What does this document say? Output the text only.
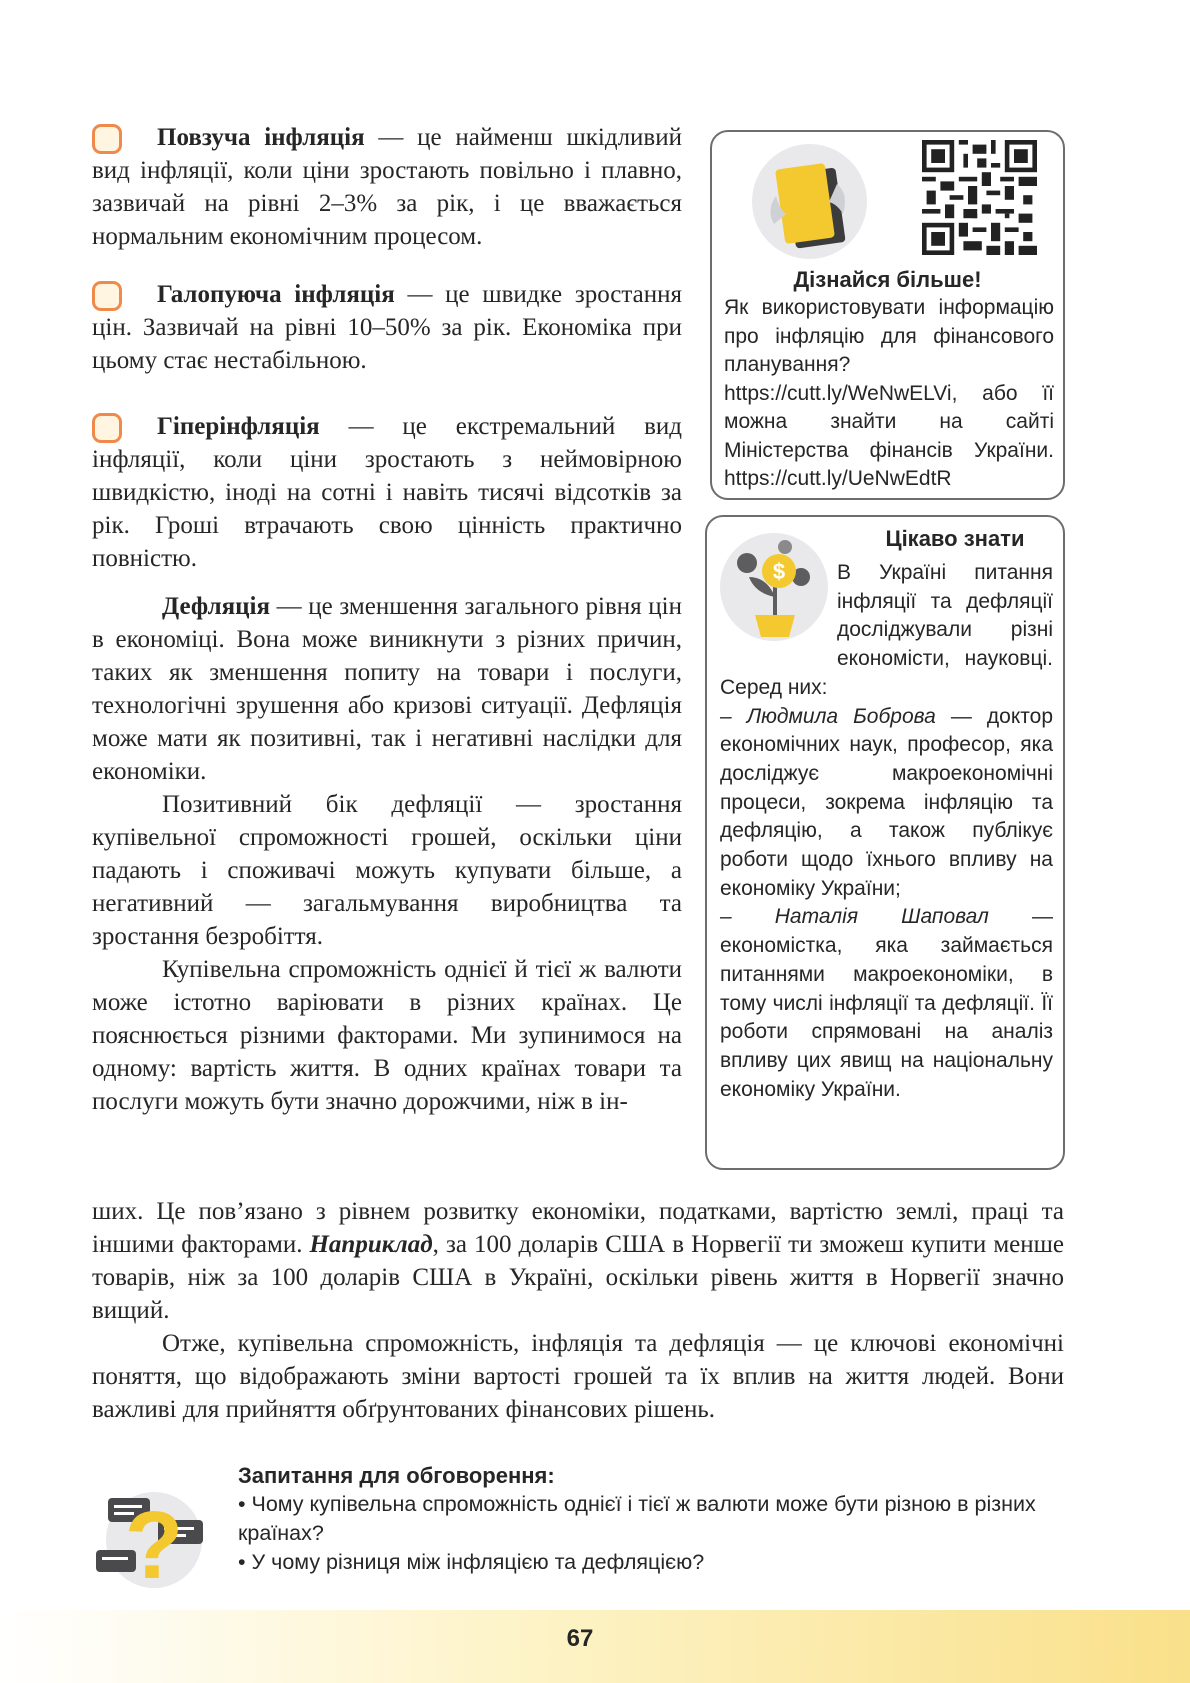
Повзуча інфляція — це найменш шкідливий вид інфляції, коли ціни зростають повільно і плавно, зазвичай на рівні 2–3% за рік, і це вважається нормальним економічним процесом.

Галопуюча інфляція — це швидке зростання цін. Зазвичай на рівні 10–50% за рік. Економіка при цьому стає нестабільною.

Гіперінфляція — це екстремальний вид інфляції, коли ціни зростають з неймовірною швидкістю, іноді на сотні і навіть тисячі відсотків за рік. Гроші втрачають свою цінність практично повністю.

Дефляція — це зменшення загального рівня цін в економіці. Вона може виникнути з різних причин, таких як зменшення попиту на товари і послуги, технологічні зрушення або кризові ситуації. Дефляція може мати як позитивні, так і негативні наслідки для економіки.

Позитивний бік дефляції — зростання купівельної спроможності грошей, оскільки ціни падають і споживачі можуть купувати більше, а негативний — загальмування виробництва та зростання безробіття.

Купівельна спроможність однієї й тієї ж валюти може істотно варіювати в різних країнах. Це пояснюється різними факторами. Ми зупинимося на одному: вартість життя. В одних країнах товари та послуги можуть бути значно дорожчими, ніж в ін-

ших. Це пов’язано з рівнем розвитку економіки, податками, вартістю землі, праці та іншими факторами. Наприклад, за 100 доларів США в Норвегії ти зможеш купити менше товарів, ніж за 100 доларів США в Україні, оскільки рівень життя в Норвегії значно вищий.

Отже, купівельна спроможність, інфляція та дефляція — це ключові економічні поняття, що відображають зміни вартості грошей та їх вплив на життя людей. Вони важливі для прийняття обґрунтованих фінансових рішень.

Дізнайся більше!

Як використовувати інформацію про інфляцію для фінансового планування? https://cutt.ly/WeNwELVi, або її можна знайти на сайті Міністерства фінансів України. https://cutt.ly/UeNwEdtR

$

Цікаво знати

В Україні питання інфляції та дефляції досліджували різні економісти, науковці. Серед них:
– Людмила Боброва — доктор економічних наук, професор, яка досліджує макроекономічні процеси, зокрема інфляцію та дефляцію, а також публікує роботи щодо їхнього впливу на економіку України;
– Наталія Шаповал — економістка, яка займається питаннями макроекономіки, в тому числі інфляції та дефляції. Її роботи спрямовані на аналіз впливу цих явищ на національну економіку України.
?

Запитання для обговорення:

• Чому купівельна спроможність однієї і тієї ж валюти може бути різною в різних країнах?
• У чому різниця між інфляцією та дефляцією?

67
